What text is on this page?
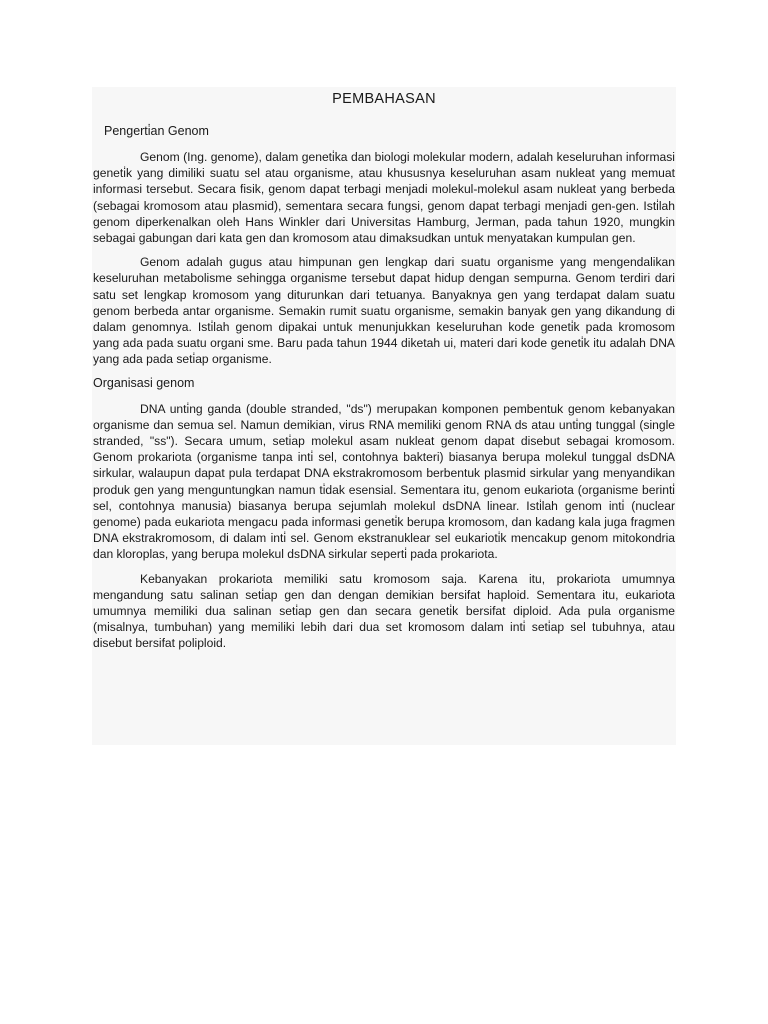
PEMBAHASAN
Pengerti̇an Genom

Genom (Ing. genome), dalam geneti̇ka dan biologi molekular modern, adalah keseluruhan informasi geneti̇k yang dimiliki suatu sel atau organisme, atau khususnya keseluruhan asam nukleat yang memuat informasi tersebut. Secara fisik, genom dapat terbagi menjadi molekul-molekul asam nukleat yang berbeda (sebagai kromosom atau plasmid), sementara secara fungsi, genom dapat terbagi menjadi gen-gen. Isti̇lah genom diperkenalkan oleh Hans Winkler dari Universitas Hamburg, Jerman, pada tahun 1920, mungkin sebagai gabungan dari kata gen dan kromosom atau dimaksudkan untuk menyatakan kumpulan gen.

Genom adalah gugus atau himpunan gen lengkap dari suatu organisme yang mengendalikan keseluruhan metabolisme sehingga organisme tersebut dapat hidup dengan sempurna. Genom terdiri dari satu set lengkap kromosom yang diturunkan dari tetuanya. Banyaknya gen yang terdapat dalam suatu genom berbeda antar organisme. Semakin rumit suatu organisme, semakin banyak gen yang dikandung di dalam genomnya. Isti̇lah genom dipakai untuk menunjukkan keseluruhan kode geneti̇k pada kromosom yang ada pada suatu organi sme. Baru pada tahun 1944 diketah ui, materi dari kode geneti̇k itu adalah DNA yang ada pada seti̇ap organisme.

Organisasi genom

DNA unti̇ng ganda (double stranded, "ds") merupakan komponen pembentuk genom kebanyakan organisme dan semua sel. Namun demikian, virus RNA memiliki genom RNA ds atau unti̇ng tunggal (single stranded, "ss"). Secara umum, seti̇ap molekul asam nukleat genom dapat disebut sebagai kromosom. Genom prokariota (organisme tanpa inti̇ sel, contohnya bakteri) biasanya berupa molekul tunggal dsDNA sirkular, walaupun dapat pula terdapat DNA ekstrakromosom berbentuk plasmid sirkular yang menyandikan produk gen yang menguntungkan namun ti̇dak esensial. Sementara itu, genom eukariota (organisme berinti̇ sel, contohnya manusia) biasanya berupa sejumlah molekul dsDNA linear. Isti̇lah genom inti̇ (nuclear genome) pada eukariota mengacu pada informasi geneti̇k berupa kromosom, dan kadang kala juga fragmen DNA ekstrakromosom, di dalam inti̇ sel. Genom ekstranuklear sel eukarioti̇k mencakup genom mitokondria dan kloroplas, yang berupa molekul dsDNA sirkular seperti̇ pada prokariota.

Kebanyakan prokariota memiliki satu kromosom saja. Karena itu, prokariota umumnya mengandung satu salinan seti̇ap gen dan dengan demikian bersifat haploid. Sementara itu, eukariota umumnya memiliki dua salinan seti̇ap gen dan secara geneti̇k bersifat diploid. Ada pula organisme (misalnya, tumbuhan) yang memiliki lebih dari dua set kromosom dalam inti̇ seti̇ap sel tubuhnya, atau disebut bersifat poliploid.
